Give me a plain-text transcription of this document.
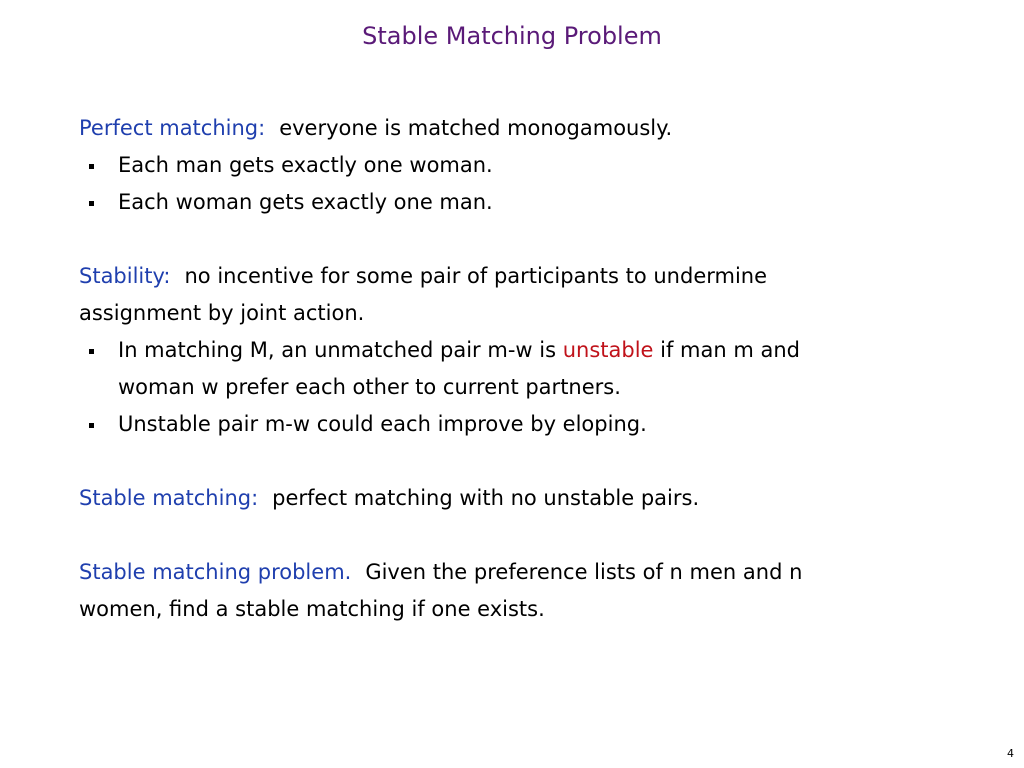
Stable Matching Problem
Perfect matching: everyone is matched monogamously.
Each man gets exactly one woman.
Each woman gets exactly one man.
Stability: no incentive for some pair of participants to undermine
assignment by joint action.
In matching M, an unmatched pair m-w is unstable if man m and
woman w prefer each other to current partners.
Unstable pair m-w could each improve by eloping.
Stable matching: perfect matching with no unstable pairs.
Stable matching problem. Given the preference lists of n men and n
women, find a stable matching if one exists.
4
